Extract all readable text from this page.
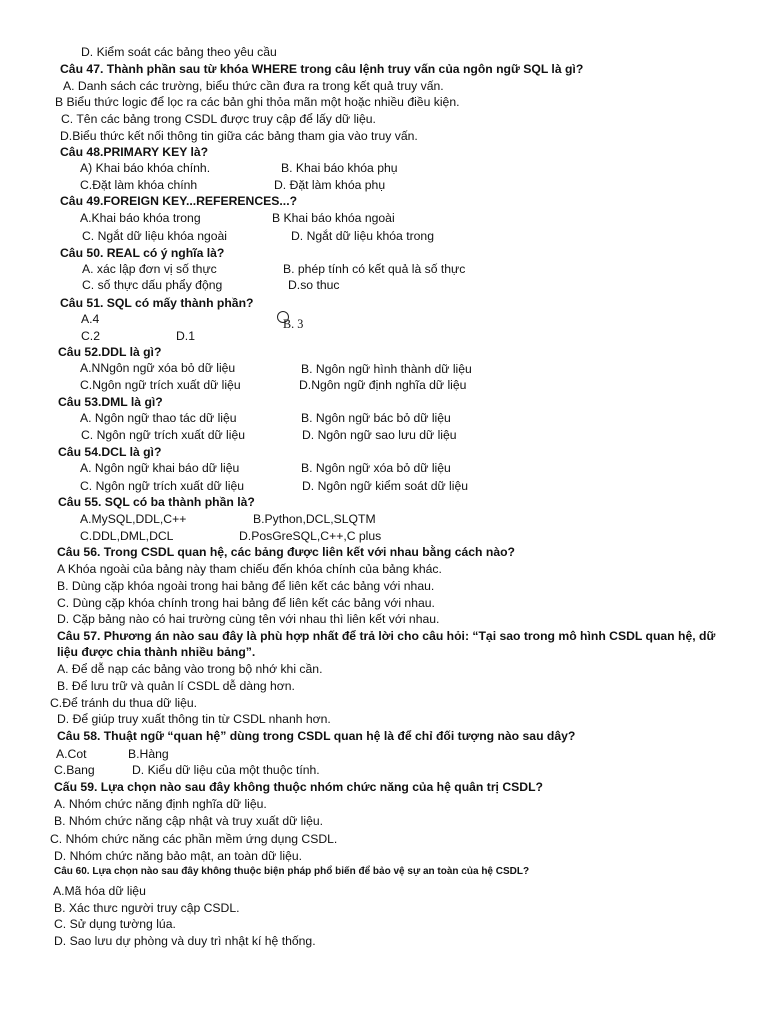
D. Kiểm soát các bảng theo yêu cầu
Câu 47. Thành phần sau từ khóa WHERE trong câu lệnh truy vấn của ngôn ngữ SQL là gì?
A. Danh sách các trường, biểu thức cần đưa ra trong kết quả truy vấn.
B Biểu thức logic để lọc ra các bản ghi thỏa mãn một hoặc nhiều điều kiện.
C. Tên các bảng trong CSDL được truy cập để lấy dữ liệu.
D.Biểu thức kết nối thông tin giữa các bảng tham gia vào truy vấn.
Câu 48.PRIMARY KEY là?
A) Khai báo khóa chính.	B. Khai báo khóa phụ
C.Đặt làm khóa chính	D. Đặt làm khóa phụ
Câu 49.FOREIGN KEY...REFERENCES...?
A.Khai báo khóa trong	B Khai báo khóa ngoài
C. Ngắt dữ liệu khóa ngoài	D. Ngắt dữ liệu khóa trong
Câu 50. REAL có ý nghĩa là?
A. xác lập đơn vị số thực	B. phép tính có kết quả là số thực
C. số thực dấu phẩy động	D.so thuc
Câu 51. SQL có mấy thành phần?
A.4	B. 3
C.2	D.1
Câu 52.DDL là gì?
A.NNgôn ngữ xóa bỏ dữ liệu	B. Ngôn ngữ hình thành dữ liệu
C.Ngôn ngữ trích xuất dữ liệu	D.Ngôn ngữ định nghĩa dữ liệu
Câu 53.DML là gì?
A. Ngôn ngữ thao tác dữ liệu	B. Ngôn ngữ bác bỏ dữ liệu
C. Ngôn ngữ trích xuất dữ liệu	D. Ngôn ngữ sao lưu dữ liệu
Câu 54.DCL là gì?
A. Ngôn ngữ khai báo dữ liệu	B. Ngôn ngữ xóa bỏ dữ liệu
C. Ngôn ngữ trích xuất dữ liệu	D. Ngôn ngữ kiểm soát dữ liệu
Câu 55. SQL có ba thành phần là?
A.MySQL,DDL,C++	B.Python,DCL,SLQTM
C.DDL,DML,DCL	D.PosGreSQL,C++,C plus
Câu 56. Trong CSDL quan hệ, các bảng được liên kết với nhau bằng cách nào?
A Khóa ngoài của bảng này tham chiếu đến khóa chính của bảng khác.
B. Dùng cặp khóa ngoài trong hai bảng để liên kết các bảng với nhau.
C. Dùng cặp khóa chính trong hai bảng để liên kết các bảng với nhau.
D. Cặp bảng nào có hai trường cùng tên với nhau thì liên kết với nhau.
Câu 57. Phương án nào sau đây là phù hợp nhất để trả lời cho câu hỏi: “Tại sao trong mô hình CSDL quan hệ, dữ
liệu được chia thành nhiều bảng”.
A. Để dễ nạp các bảng vào trong bộ nhớ khi cần.
B. Để lưu trữ và quản lí CSDL dễ dàng hơn.
C.Để tránh du thua dữ liệu.
D. Để giúp truy xuất thông tin từ CSDL nhanh hơn.
Câu 58. Thuật ngữ “quan hệ” dùng trong CSDL quan hệ là để chỉ đối tượng nào sau dây?
A.Cot	B.Hàng
C.Bang	D. Kiểu dữ liệu của một thuộc tính.
Cấu 59. Lựa chọn nào sau đây không thuộc nhóm chức năng của hệ quân trị CSDL?
A. Nhóm chức năng định nghĩa dữ liệu.
B. Nhóm chức năng cập nhật và truy xuất dữ liệu.
C. Nhóm chức năng các phần mềm ứng dụng CSDL.
D. Nhóm chức năng bảo mật, an toàn dữ liệu.
Câu 60. Lựa chọn nào sau đây không thuộc biện pháp phổ biến để bảo vệ sự an toàn của hệ CSDL?
A.Mã hóa dữ liệu
B. Xác thưc người truy cập CSDL.
C. Sử dụng tường lúa.
D. Sao lưu dự phòng và duy trì nhật kí hệ thống.
